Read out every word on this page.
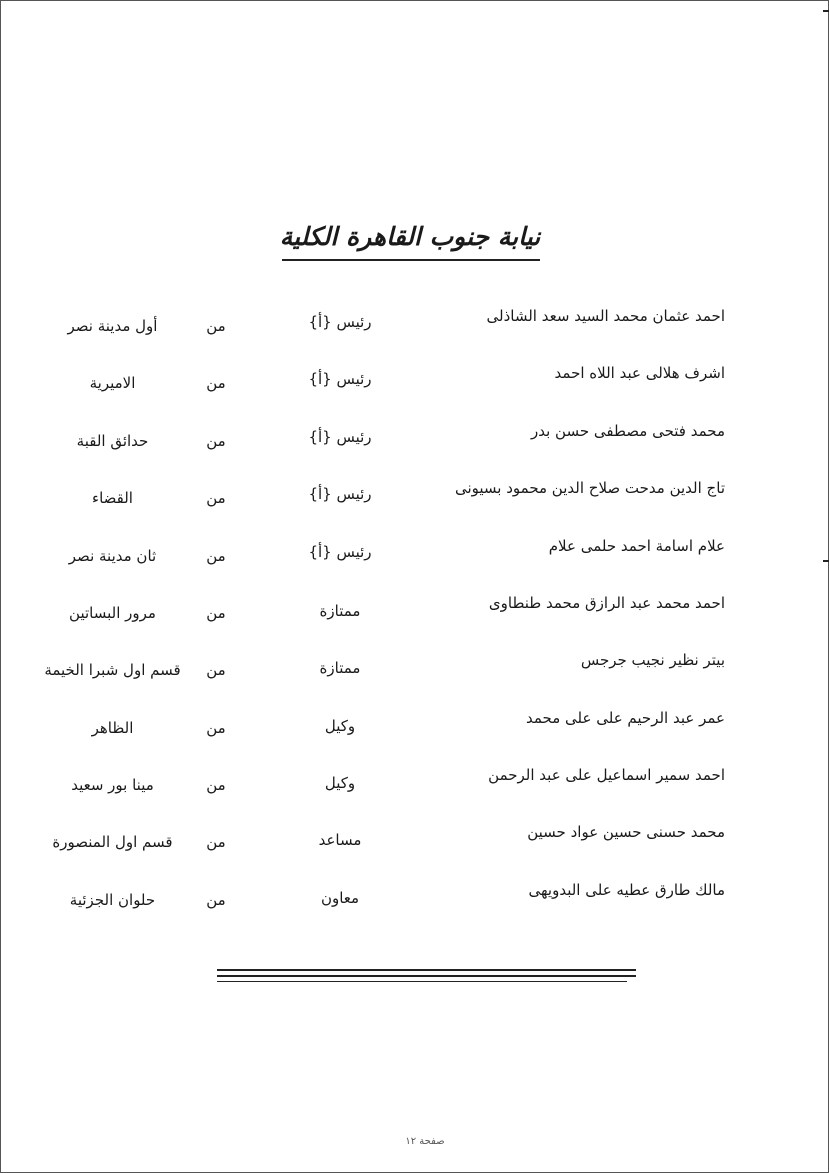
نيابة جنوب القاهرة الكلية
احمد عثمان محمد السيد سعد الشاذلى
رئيس {أ}
من
أول مدينة نصر
اشرف هلالى عبد اللاه احمد
رئيس {أ}
من
الاميرية
محمد فتحى مصطفى حسن بدر
رئيس {أ}
من
حدائق القبة
تاج الدين مدحت صلاح الدين محمود بسيونى
رئيس {أ}
من
القضاء
علام اسامة احمد حلمى علام
رئيس {أ}
من
ثان مدينة نصر
احمد محمد عبد الرازق محمد طنطاوى
ممتازة
من
مرور البساتين
بيتر نظير نجيب جرجس
ممتازة
من
قسم اول شبرا الخيمة
عمر عبد الرحيم على على محمد
وكيل
من
الظاهر
احمد سمير اسماعيل على عبد الرحمن
وكيل
من
مينا بور سعيد
محمد حسنى حسين عواد حسين
مساعد
من
قسم اول المنصورة
مالك طارق عطيه على البدويهى
معاون
من
حلوان الجزئية
صفحة ١٢
